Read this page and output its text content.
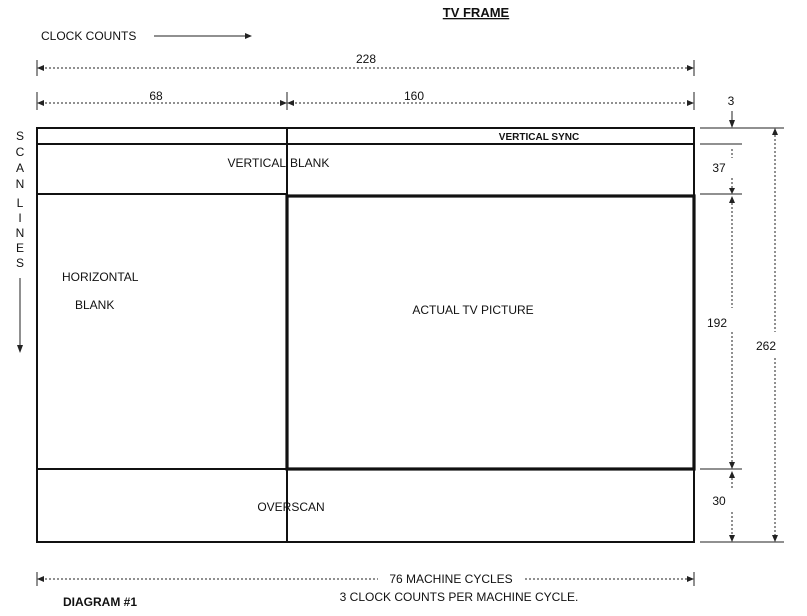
TV FRAME
CLOCK COUNTS
228
68	160
S
C
A
N
L
I
N
E
S
VERTICAL SYNC
VERTICAL BLANK
HORIZONTAL
BLANK	ACTUAL TV PICTURE
OVERSCAN
3
37
192
30
262
76 MACHINE CYCLES
DIAGRAM #1	3 CLOCK COUNTS PER MACHINE CYCLE.
